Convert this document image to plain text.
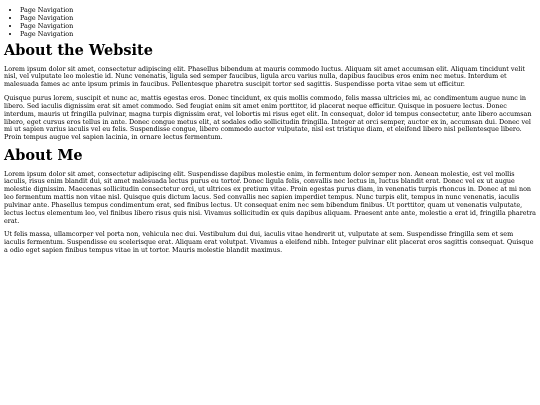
• Page Navigation
• Page Navigation
• Page Navigation
• Page Navigation
About the Website

Lorem ipsum dolor sit amet, consectetur adipiscing elit. Phasellus bibendum at mauris commodo luctus. Aliquam sit amet accumsan elit. Aliquam tincidunt velit nisl, vel vulputate leo molestie id. Nunc venenatis, ligula sed semper faucibus, ligula arcu varius nulla, dapibus faucibus eros enim nec metus. Interdum et malesuada fames ac ante ipsum primis in faucibus. Pellentesque pharetra suscipit tortor sed sagittis. Suspendisse porta vitae sem ut efficitur.

Quisque purus lorem, suscipit et nunc ac, mattis egestas eros. Donec tincidunt, ex quis mollis commodo, felis massa ultricies mi, ac condimentum augue nunc in libero. Sed iaculis dignissim erat sit amet commodo. Sed feugiat enim sit amet enim porttitor, id placerat neque efficitur. Quisque in posuere lectus. Donec interdum, mauris ut fringilla pulvinar, magna turpis dignissim erat, vel lobortis mi risus eget elit. In consequat, dolor id tempus consectetur, ante libero accumsan libero, eget cursus eros tellus in ante. Donec congue metus elit, at sodales odio sollicitudin fringilla. Integer at orci semper, auctor ex in, accumsan dui. Donec vel mi ut sapien varius iaculis vel eu felis. Suspendisse congue, libero commodo auctor vulputate, nisl est tristique diam, et eleifend libero nisl pellentesque libero. Proin tempus augue vel sapien lacinia, in ornare lectus fermentum.

About Me

Lorem ipsum dolor sit amet, consectetur adipiscing elit. Suspendisse dapibus molestie enim, in fermentum dolor semper non. Aenean molestie, est vel mollis iaculis, risus enim blandit dui, sit amet malesuada lectus purus eu tortor. Donec ligula felis, convallis nec lectus in, luctus blandit erat. Donec vel ex ut augue molestie dignissim. Maecenas sollicitudin consectetur orci, ut ultrices ex pretium vitae. Proin egestas purus diam, in venenatis turpis rhoncus in. Donec at mi non leo fermentum mattis non vitae nisl. Quisque quis dictum lacus. Sed convallis nec sapien imperdiet tempus. Nunc turpis elit, tempus in nunc venenatis, iaculis pulvinar ante. Phasellus tempus condimentum erat, sed finibus lectus. Ut consequat enim nec sem bibendum finibus. Ut porttitor, quam ut venenatis vulputate, lectus lectus elementum leo, vel finibus libero risus quis nisi. Vivamus sollicitudin ex quis dapibus aliquam. Praesent ante ante, molestie a erat id, fringilla pharetra erat.

Ut felis massa, ullamcorper vel porta non, vehicula nec dui. Vestibulum dui dui, iaculis vitae hendrerit ut, vulputate at sem. Suspendisse fringilla sem et sem iaculis fermentum. Suspendisse eu scelerisque erat. Aliquam erat volutpat. Vivamus a eleifend nibh. Integer pulvinar elit placerat eros sagittis consequat. Quisque a odio eget sapien finibus tempus vitae in ut tortor. Mauris molestie blandit maximus.
